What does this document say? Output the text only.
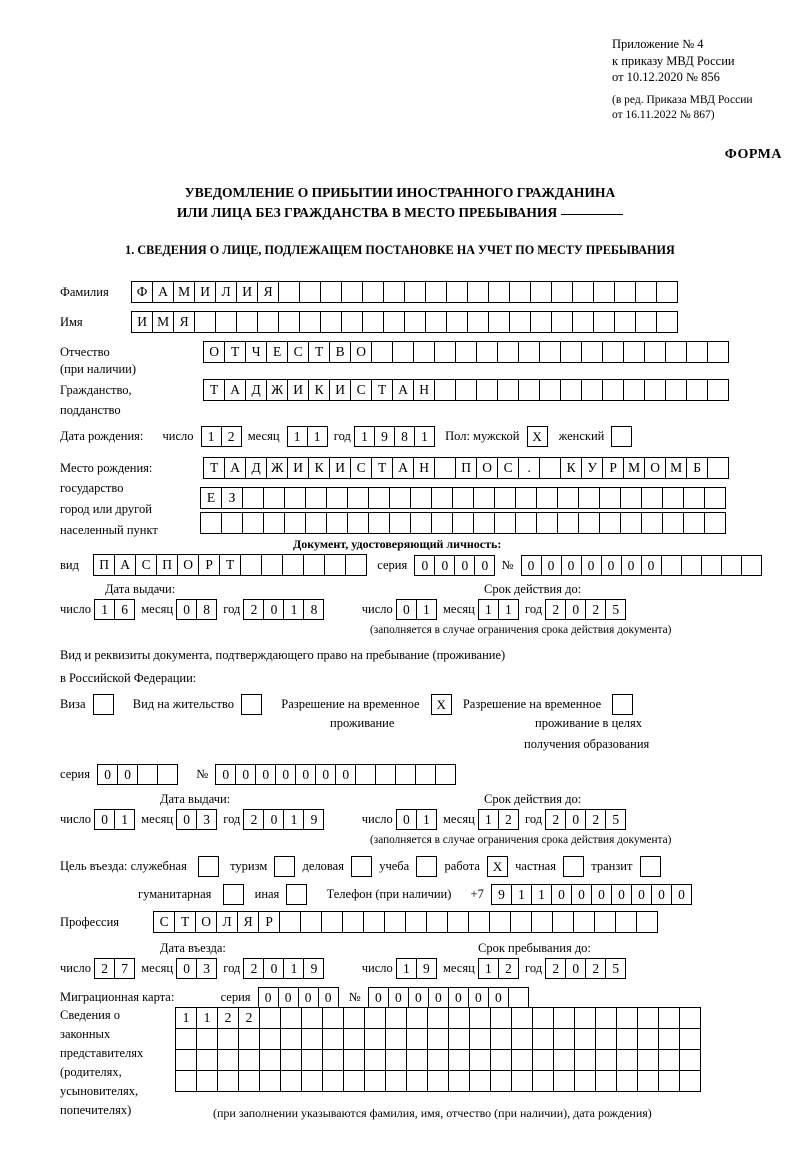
Приложение № 4
к приказу МВД России
от 10.12.2020 № 856
(в ред. Приказа МВД России
от 16.11.2022 № 867)
ФОРМА
УВЕДОМЛЕНИЕ О ПРИБЫТИИ ИНОСТРАННОГО ГРАЖДАНИНА
ИЛИ ЛИЦА БЕЗ ГРАЖДАНСТВА В МЕСТО ПРЕБЫВАНИЯ
1. СВЕДЕНИЯ О ЛИЦЕ, ПОДЛЕЖАЩЕМ ПОСТАНОВКЕ НА УЧЕТ ПО МЕСТУ ПРЕБЫВАНИЯ
Фамилия Ф А М И Л И Я
Имя	И М Я
Отчество	О Т Ч Е С Т В О
(при наличии)
Гражданство,	Т А Д Ж И К И С Т А Н
подданство
Дата рождения: число 1 2 месяц 1 1 год 1 9 8 1 Пол: мужской Х женский
Место рождения:	Т А Д Ж И К И С Т А Н П О С .	К У Р М О М Б
государство
Е З
город или другой
населенный пункт
Документ, удостоверяющий личность:
вид П А С П О Р Т	серия 0 0 0 0 № 0 0 0 0 0 0 0
Дата выдачи:	Срок действия до:
число 1 6 месяц 0 8 год 2 0 1 8	число 0 1 месяц 1 1 год 2 0 2 5
(заполняется в случае ограничения срока действия документа)
Вид и реквизиты документа, подтверждающего право на пребывание (проживание)
в Российской Федерации:
Виза	Вид на жительство	Разрешение на временное Х Разрешение на временное
проживание	проживание в целях
получения образования
серия 0 0	№ 0 0 0 0 0 0 0
Дата выдачи:	Срок действия до:
число 0 1 месяц 0 3 год 2 0 1 9	число 0 1 месяц 1 2 год 2 0 2 5
(заполняется в случае ограничения срока действия документа)
Цель въезда: служебная	туризм	деловая	учеба	работа Х частная	транзит
гуманитарная	иная	Телефон (при наличии) +7 9 1 1 0 0 0 0 0 0 0
Профессия	С Т О Л Я Р
Дата въезда:	Срок пребывания до:
число 2 7 месяц 0 3 год 2 0 1 9	число 1 9 месяц 1 2 год 2 0 2 5
Миграционная карта:	серия 0 0 0 0 № 0 0 0 0 0 0 0
Сведения о
законных
представителях
(родителях,
усыновителях,
попечителях)
1 1 2 2
(при заполнении указываются фамилия, имя, отчество (при наличии), дата рождения)
